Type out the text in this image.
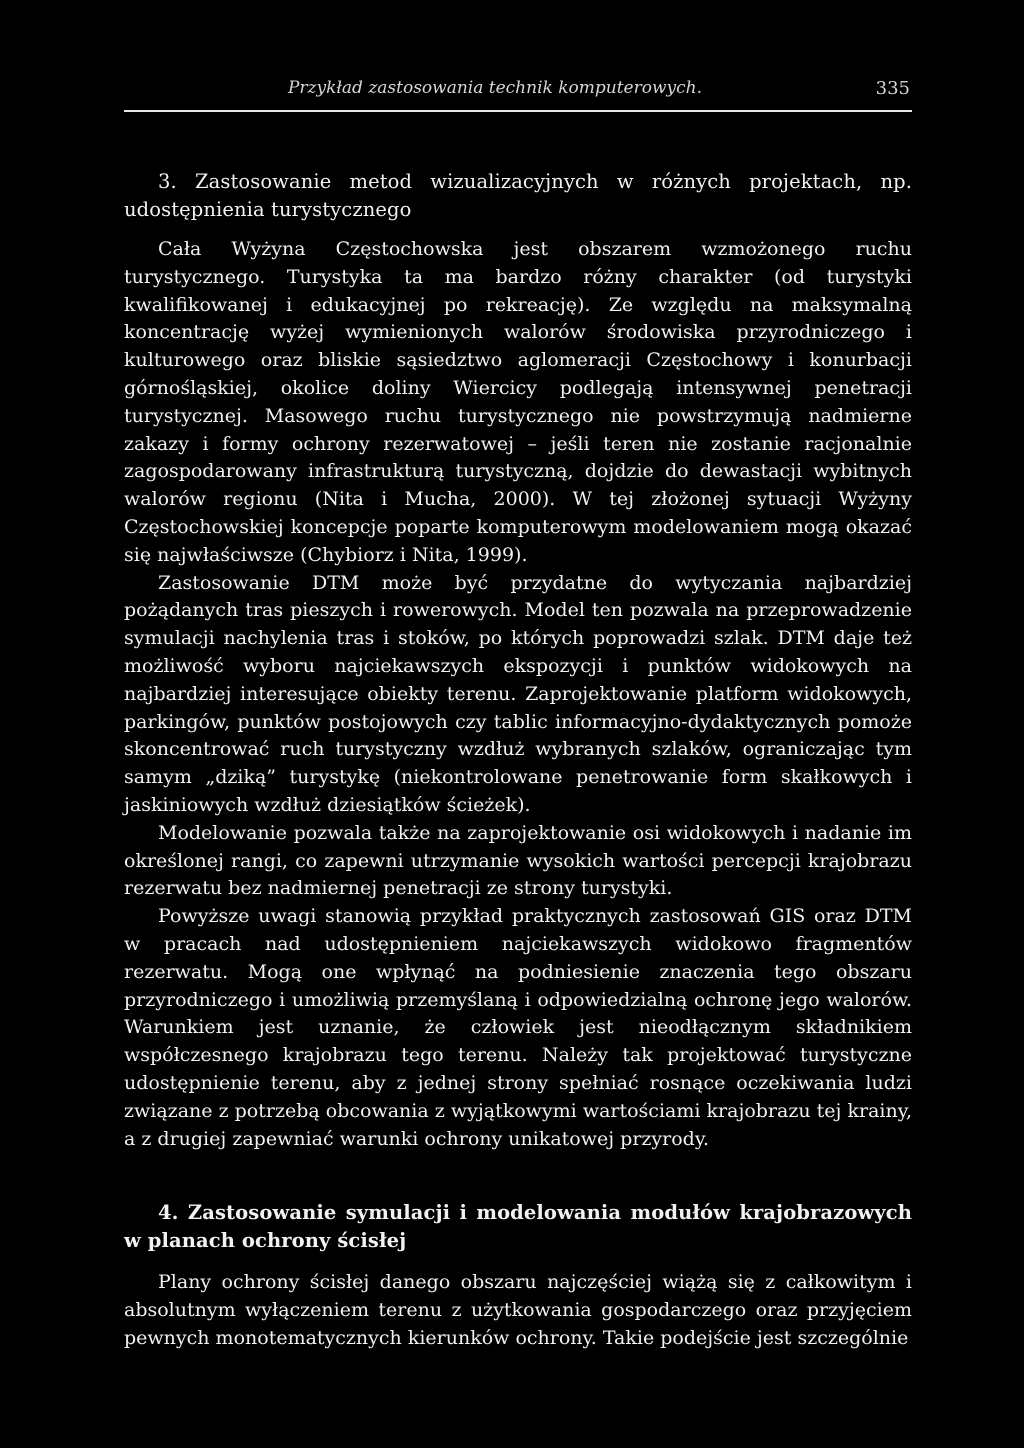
Przykład zastosowania technik komputerowych.	335
3. Zastosowanie metod wizualizacyjnych w różnych projektach, np. udostępnienia turystycznego

Cała Wyżyna Częstochowska jest obszarem wzmożonego ruchu turystycznego. Turystyka ta ma bardzo różny charakter (od turystyki kwalifikowanej i edukacyjnej po rekreację). Ze względu na maksymalną koncentrację wyżej wymienionych walorów środowiska przyrodniczego i kulturowego oraz bliskie sąsiedztwo aglomeracji Częstochowy i konurbacji górnośląskiej, okolice doliny Wiercicy podlegają intensywnej penetracji turystycznej. Masowego ruchu turystycznego nie powstrzymują nadmierne zakazy i formy ochrony rezerwatowej – jeśli teren nie zostanie racjonalnie zagospodarowany infrastrukturą turystyczną, dojdzie do dewastacji wybitnych walorów regionu (Nita i Mucha, 2000). W tej złożonej sytuacji Wyżyny Częstochowskiej koncepcje poparte komputerowym modelowaniem mogą okazać się najwłaściwsze (Chybiorz i Nita, 1999).

Zastosowanie DTM może być przydatne do wytyczania najbardziej pożądanych tras pieszych i rowerowych. Model ten pozwala na przeprowadzenie symulacji nachylenia tras i stoków, po których poprowadzi szlak. DTM daje też możliwość wyboru najciekawszych ekspozycji i punktów widokowych na najbardziej interesujące obiekty terenu. Zaprojektowanie platform widokowych, parkingów, punktów postojowych czy tablic informacyjno-dydaktycznych pomoże skoncentrować ruch turystyczny wzdłuż wybranych szlaków, ograniczając tym samym „dziką” turystykę (niekontrolowane penetrowanie form skałkowych i jaskiniowych wzdłuż dziesiątków ścieżek).

Modelowanie pozwala także na zaprojektowanie osi widokowych i nadanie im określonej rangi, co zapewni utrzymanie wysokich wartości percepcji krajobrazu rezerwatu bez nadmiernej penetracji ze strony turystyki.

Powyższe uwagi stanowią przykład praktycznych zastosowań GIS oraz DTM w pracach nad udostępnieniem najciekawszych widokowo fragmentów rezerwatu. Mogą one wpłynąć na podniesienie znaczenia tego obszaru przyrodniczego i umożliwią przemyślaną i odpowiedzialną ochronę jego walorów. Warunkiem jest uznanie, że człowiek jest nieodłącznym składnikiem współczesnego krajobrazu tego terenu. Należy tak projektować turystyczne udostępnienie terenu, aby z jednej strony spełniać rosnące oczekiwania ludzi związane z potrzebą obcowania z wyjątkowymi wartościami krajobrazu tej krainy, a z drugiej zapewniać warunki ochrony unikatowej przyrody.

4. Zastosowanie symulacji i modelowania modułów krajobrazowych w planach ochrony ścisłej

Plany ochrony ścisłej danego obszaru najczęściej wiążą się z całkowitym i absolutnym wyłączeniem terenu z użytkowania gospodarczego oraz przyjęciem pewnych monotematycznych kierunków ochrony. Takie podejście jest szczególnie
